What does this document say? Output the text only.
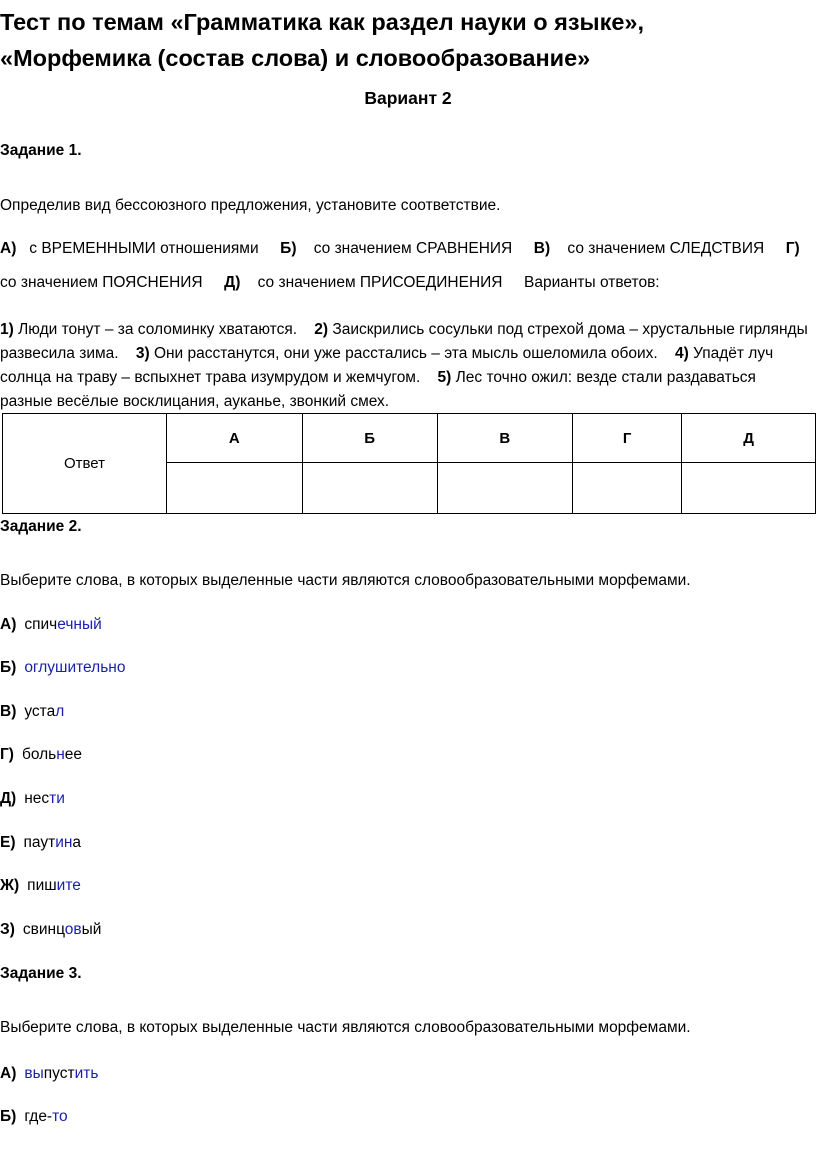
Тест по темам «Грамматика как раздел науки о языке»,
«Морфемика (состав слова) и словообразование»
Вариант 2
Задание 1.
Определив вид бессоюзного предложения, установите соответствие.
А) с ВРЕМЕННЫМИ отношениями Б) со значением СРАВНЕНИЯ В) со значением СЛЕДСТВИЯ Г)
со значением ПОЯСНЕНИЯ Д) со значением ПРИСОЕДИНЕНИЯ Варианты ответов:
1) Люди тонут – за соломинку хватаются. 2) Заискрились сосульки под стрехой дома – хрустальные гирлянды развесила зима. 3) Они расстанутся, они уже расстались – эта мысль ошеломила обоих. 4) Упадёт луч солнца на траву – вспыхнет трава изумрудом и жемчугом. 5) Лес точно ожил: везде стали раздаваться разные весёлые восклицания, ауканье, звонкий смех.
Ответ	А	Б	В	Г	Д

Задание 2.
Выберите слова, в которых выделенные части являются словообразовательными морфемами.
А) спичечный
Б) оглушительно
В) устал
Г) больнее
Д) нести
Е) паутина
Ж) пишите
З) свинцовый
Задание 3.
Выберите слова, в которых выделенные части являются словообразовательными морфемами.
А) выпустить
Б) где-то
